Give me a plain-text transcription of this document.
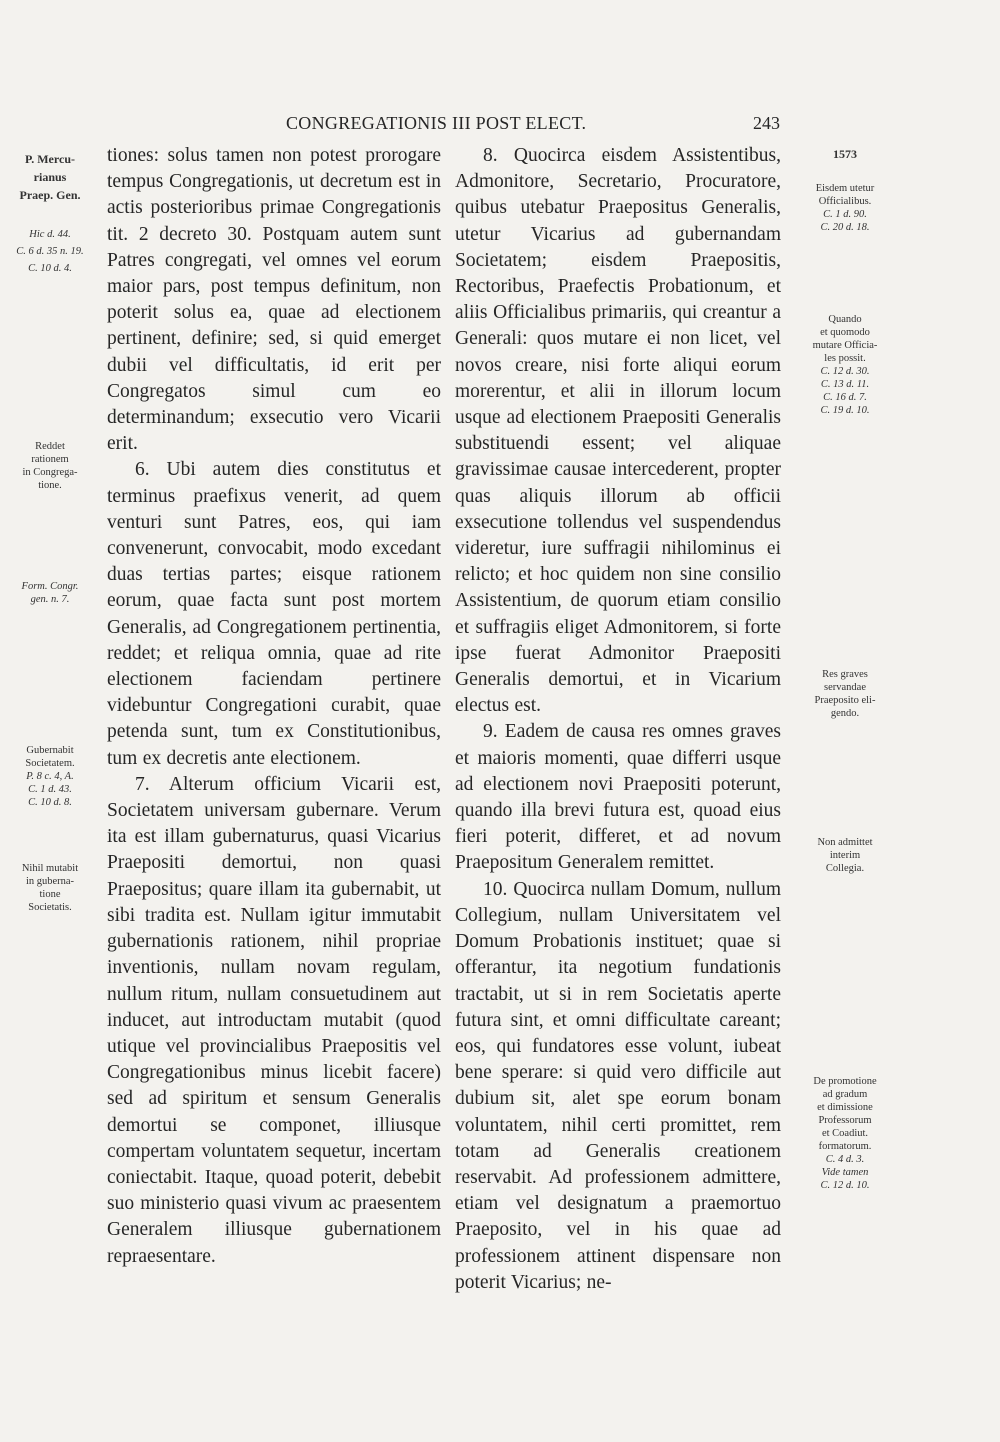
CONGREGATIONIS III POST ELECT.	243
P. Mercu-
rianus
Praep. Gen.
Hic d. 44.
C. 6 d. 35 n. 19.
C. 10 d. 4.
Reddet
rationem
in Congrega-
tione.
Form. Congr.
gen. n. 7.
Gubernabit
Societatem.
P. 8 c. 4, A.
C. 1 d. 43.
C. 10 d. 8.
Nihil mutabit
in guberna-
tione
Societatis.

tiones: solus tamen non potest prorogare tempus Congregationis, ut decretum est in actis posterioribus primae Congregationis tit. 2 decreto 30. Postquam autem sunt Patres congregati, vel omnes vel eorum maior pars, post tempus definitum, non poterit solus ea, quae ad electionem pertinent, definire; sed, si quid emerget dubii vel difficultatis, id erit per Congregatos simul cum eo determinandum; exsecutio vero Vicarii erit.

6. Ubi autem dies constitutus et terminus praefixus venerit, ad quem venturi sunt Patres, eos, qui iam convenerunt, convocabit, modo excedant duas tertias partes; eisque rationem eorum, quae facta sunt post mortem Generalis, ad Congregationem pertinentia, reddet; et reliqua omnia, quae ad rite electionem faciendam pertinere videbuntur Congregationi curabit, quae petenda sunt, tum ex Constitutionibus, tum ex decretis ante electionem.

7. Alterum officium Vicarii est, Societatem universam gubernare. Verum ita est illam gubernaturus, quasi Vicarius Praepositi demortui, non quasi Praepositus; quare illam ita gubernabit, ut sibi tradita est. Nullam igitur immutabit gubernationis rationem, nihil propriae inventionis, nullam novam regulam, nullum ritum, nullam consuetudinem aut inducet, aut introductam mutabit (quod utique vel provincialibus Praepositis vel Congregationibus minus licebit facere) sed ad spiritum et sensum Generalis demortui se componet, illiusque compertam voluntatem sequetur, incertam coniectabit. Itaque, quoad poterit, debebit suo ministerio quasi vivum ac praesentem Generalem illiusque gubernationem repraesentare.

8. Quocirca eisdem Assistentibus, Admonitore, Secretario, Procuratore, quibus utebatur Praepositus Generalis, utetur Vicarius ad gubernandam Societatem; eisdem Praepositis, Rectoribus, Praefectis Probationum, et aliis Officialibus primariis, qui creantur a Generali: quos mutare ei non licet, vel novos creare, nisi forte aliqui eorum morerentur, et alii in illorum locum usque ad electionem Praepositi Generalis substituendi essent; vel aliquae gravissimae causae intercederent, propter quas aliquis illorum ab officii exsecutione tollendus vel suspendendus videretur, iure suffragii nihilominus ei relicto; et hoc quidem non sine consilio Assistentium, de quorum etiam consilio et suffragiis eliget Admonitorem, si forte ipse fuerat Admonitor Praepositi Generalis demortui, et in Vicarium electus est.

9. Eadem de causa res omnes graves et maioris momenti, quae differri usque ad electionem novi Praepositi poterunt, quando illa brevi futura est, quoad eius fieri poterit, differet, et ad novum Praepositum Generalem remittet.

10. Quocirca nullam Domum, nullum Collegium, nullam Universitatem vel Domum Probationis instituet; quae si offerantur, ita negotium fundationis tractabit, ut si in rem Societatis aperte futura sint, et omni difficultate careant; eos, qui fundatores esse volunt, iubeat bene sperare: si quid vero difficile aut dubium sit, alet spe eorum bonam voluntatem, nihil certi promittet, rem totam ad Generalis creationem reservabit. Ad professionem admittere, etiam vel designatum a praemortuo Praeposito, vel in his quae ad professionem attinent dispensare non poterit Vicarius; ne-

1573
Eisdem utetur
Officialibus.
C. 1 d. 90.
C. 20 d. 18.
Quando
et quomodo
mutare Officia-
les possit.
C. 12 d. 30.
C. 13 d. 11.
C. 16 d. 7.
C. 19 d. 10.
Res graves
servandae
Praeposito eli-
gendo.
Non admittet
interim
Collegia.
De promotione
ad gradum
et dimissione
Professorum
et Coadiut.
formatorum.
C. 4 d. 3.
Vide tamen
C. 12 d. 10.
